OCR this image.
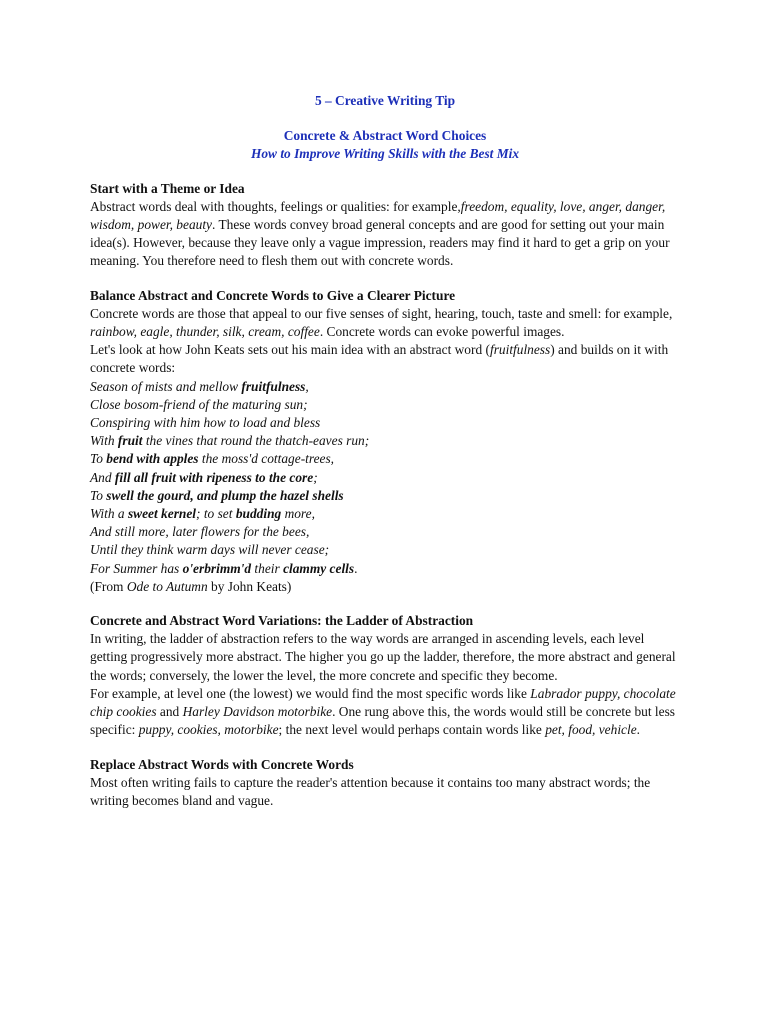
5 – Creative Writing Tip
Concrete & Abstract Word Choices
How to Improve Writing Skills with the Best Mix
Start with a Theme or Idea

Abstract words deal with thoughts, feelings or qualities: for example,freedom, equality, love, anger, danger, wisdom, power, beauty. These words convey broad general concepts and are good for setting out your main idea(s). However, because they leave only a vague impression, readers may find it hard to get a grip on your meaning. You therefore need to flesh them out with concrete words.

Balance Abstract and Concrete Words to Give a Clearer Picture

Concrete words are those that appeal to our five senses of sight, hearing, touch, taste and smell: for example, rainbow, eagle, thunder, silk, cream, coffee. Concrete words can evoke powerful images.

Let's look at how John Keats sets out his main idea with an abstract word (fruitfulness) and builds on it with concrete words:

Season of mists and mellow fruitfulness,
Close bosom-friend of the maturing sun;
Conspiring with him how to load and bless
With fruit the vines that round the thatch-eaves run;
To bend with apples the moss'd cottage-trees,
And fill all fruit with ripeness to the core;
To swell the gourd, and plump the hazel shells
With a sweet kernel; to set budding more,
And still more, later flowers for the bees,
Until they think warm days will never cease;
For Summer has o'erbrimm'd their clammy cells.

(From Ode to Autumn by John Keats)

Concrete and Abstract Word Variations: the Ladder of Abstraction

In writing, the ladder of abstraction refers to the way words are arranged in ascending levels, each level getting progressively more abstract. The higher you go up the ladder, therefore, the more abstract and general the words; conversely, the lower the level, the more concrete and specific they become.

For example, at level one (the lowest) we would find the most specific words like Labrador puppy, chocolate chip cookies and Harley Davidson motorbike. One rung above this, the words would still be concrete but less specific: puppy, cookies, motorbike; the next level would perhaps contain words like pet, food, vehicle.

Replace Abstract Words with Concrete Words

Most often writing fails to capture the reader's attention because it contains too many abstract words; the writing becomes bland and vague.
